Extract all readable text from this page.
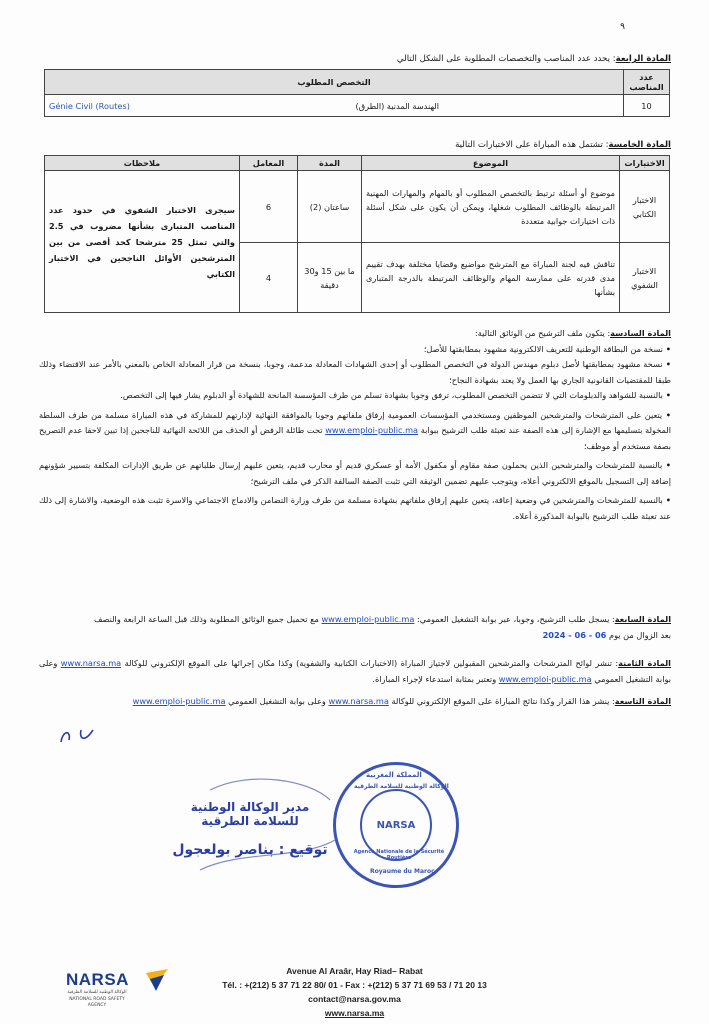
٩
المادة الرابعة: يحدد عدد المناصب والتخصصات المطلوبة على الشكل التالي
عدد المناصب	التخصص المطلوب
10	الهندسة المدنية (الطرق)
Génie Civil (Routes)
المادة الخامسة: تشتمل هذه المباراة على الاختبارات التالية
الاختبارات	الموضوع	المدة	المعامل	ملاحظات
الاختبار الكتابي	موضوع أو أسئلة ترتبط بالتخصص المطلوب أو بالمهام والمهارات المهنية المرتبطة بالوظائف المطلوب شغلها، ويمكن أن يكون على شكل أسئلة ذات اختيارات جوابية متعددة	ساعتان (2)	6	سيجرى الاختبار الشفوي في حدود عدد المناصب المتبارى بشأنها مضروب في 2.5 والتي تمثل 25 مترشحا كحد أقصى من بين المترشحين الأوائل الناجحين في الاختبار الكتابي
الاختبار الشفوي	تناقش فيه لجنة المباراة مع المترشح مواضيع وقضايا مختلفة بهدف تقييم مدى قدرته على ممارسة المهام والوظائف المرتبطة بالدرجة المتبارى بشأنها	ما بين 15 و30 دقيقة	4	

المادة السادسة: يتكون ملف الترشيح من الوثائق التالية:

• نسخة من البطاقة الوطنية للتعريف الالكترونية مشهود بمطابقتها للأصل؛

• نسخة مشهود بمطابقتها لأصل دبلوم مهندس الدولة في التخصص المطلوب أو إحدى الشهادات المعادلة مدعمة، وجوبا، بنسخة من قرار المعادلة الخاص بالمعني بالأمر عند الاقتضاء وذلك طبقا للمقتضيات القانونية الجاري بها العمل ولا يعتد بشهادة النجاح؛

• بالنسبة للشواهد والدبلومات التي لا تتضمن التخصص المطلوب، ترفق وجوبا بشهادة تسلم من طرف المؤسسة المانحة للشهادة أو الدبلوم يشار فيها إلى التخصص.

• يتعين على المترشحات والمترشحين الموظفين ومستخدمي المؤسسات العمومية إرفاق ملفاتهم وجوبا بالموافقة النهائية لإدارتهم للمشاركة في هذه المباراة مسلمة من طرف السلطة المخولة بتسليمها مع الإشارة إلى هذه الصفة عند تعبئة طلب الترشيح ببوابة www.emploi-public.ma تحت طائلة الرفض أو الحذف من اللائحة النهائية للناجحين إذا تبين لاحقا عدم التصريح بصفة مستخدم أو موظف؛

• بالنسبة للمترشحات والمترشحين الذين يحملون صفة مقاوم أو مكفول الأمة أو عسكري قديم أو محارب قديم، يتعين عليهم إرسال طلباتهم عن طريق الإدارات المكلفة بتسيير شؤونهم إضافة إلى التسجيل بالموقع الالكتروني أعلاه، ويتوجب عليهم تضمين الوثيقة التي تثبت الصفة السالفة الذكر في ملف الترشيح؛

• بالنسبة للمترشحات والمترشحين في وضعية إعاقة، يتعين عليهم إرفاق ملفاتهم بشهادة مسلمة من طرف وزارة التضامن والادماج الاجتماعي والاسرة تثبت هذه الوضعية، والاشارة إلى ذلك عند تعبئة طلب الترشيح بالبوابة المذكورة أعلاه.

المادة السابعة: يسجل طلب الترشيح، وجوبا، عبر بوابة التشغيل العمومي: www.emploi-public.ma مع تحميل جميع الوثائق المطلوبة وذلك قبل الساعة الرابعة والنصف

بعد الزوال من يوم 2024 - 06 - 06

المادة الثامنة: تنشر لوائح المترشحات والمترشحين المقبولين لاجتياز المباراة (الاختبارات الكتابية والشفوية) وكذا مكان إجرائها على الموقع الإلكتروني للوكالة www.narsa.ma وعلى بوابة التشغيل العمومي www.emploi-public.ma وتعتبر بمثابة استدعاء لإجراء المباراة.

المادة التاسعة: ينشر هذا القرار وكذا نتائج المباراة على الموقع الإلكتروني للوكالة www.narsa.ma وعلى بوابة التشغيل العمومي www.emploi-public.ma

المملكة المغربية
الوكالة الوطنية للسلامة الطرقية
NARSA
Agence Nationale de la Sécurité Routière
Royaume du Maroc
مدير الوكالة الوطنية للسلامة الطرقية
توقيع : بناصر بولعجول
NARSA
الوكالة الوطنية للسلامة الطرقية
NATIONAL ROAD SAFETY AGENCY
Avenue Al Araâr, Hay Riad– Rabat
Tél. : +(212) 5 37 71 22 80/ 01 - Fax : +(212) 5 37 71 69 53 / 71 20 13
contact@narsa.gov.ma
www.narsa.ma
